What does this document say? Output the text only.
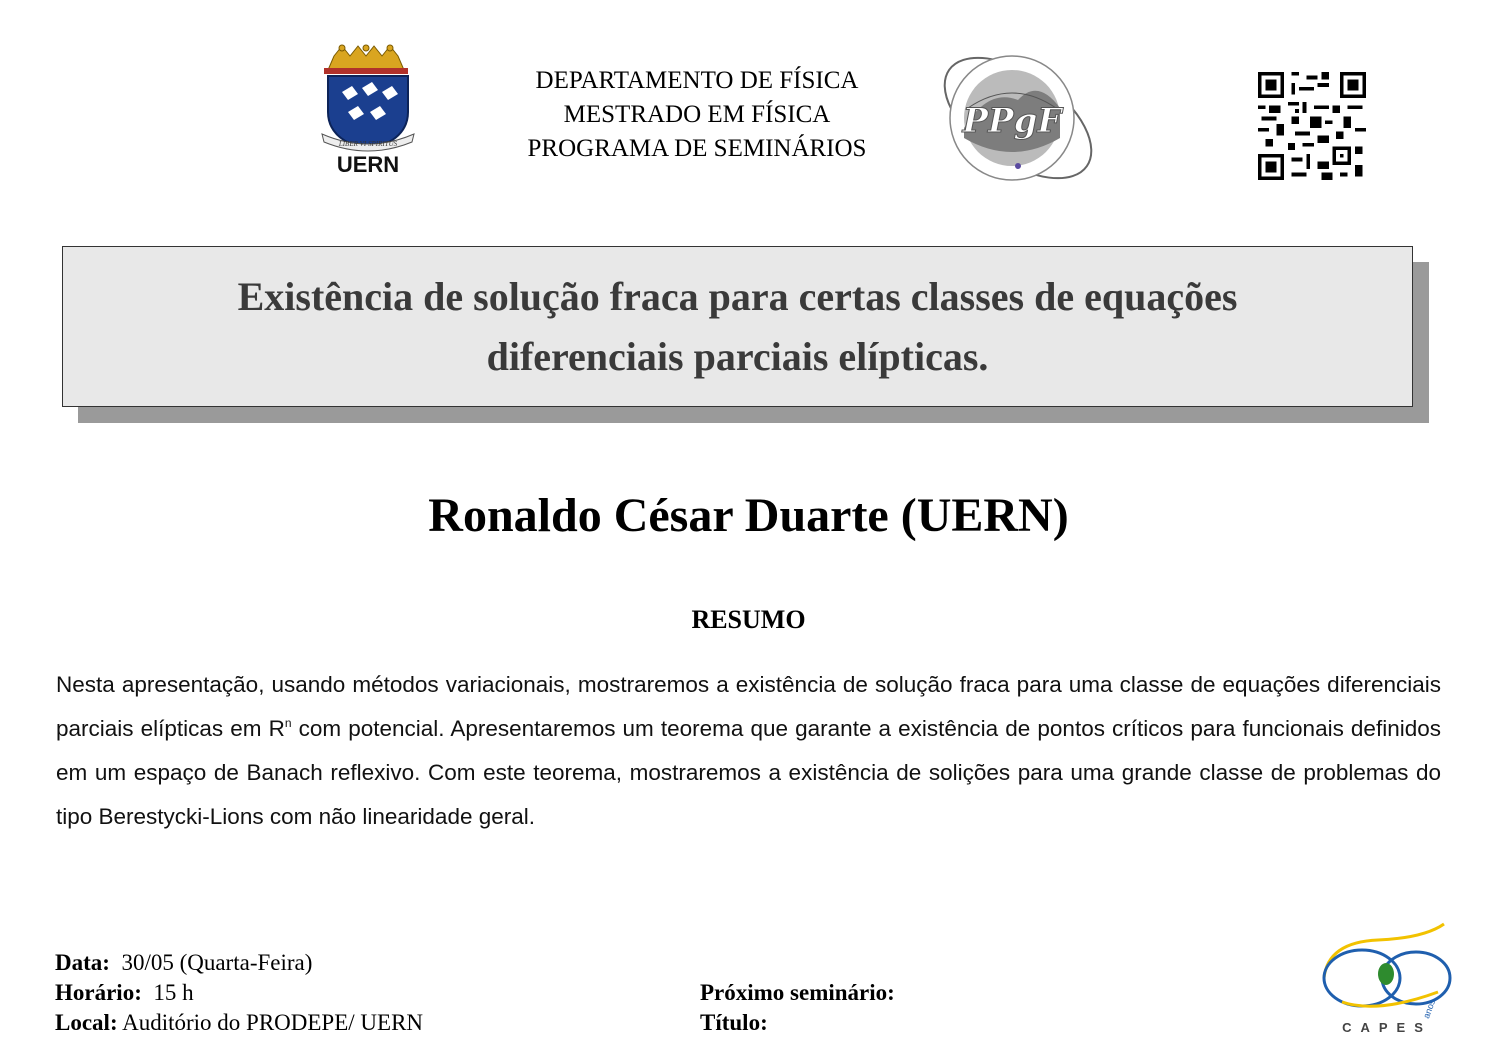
LIBER VI SPIRITUS
UERN
DEPARTAMENTO DE FÍSICA
MESTRADO EM FÍSICA
PROGRAMA DE SEMINÁRIOS
PPgF
Existência de solução fraca para certas classes de equações
diferenciais parciais elípticas.
Ronaldo César Duarte (UERN)
RESUMO
Nesta apresentação, usando métodos variacionais, mostraremos a existência de solução fraca para uma classe de equações diferenciais parciais elípticas em $R^n$ com potencial. Apresentaremos um teorema que garante a existência de pontos críticos para funcionais definidos em um espaço de Banach reflexivo. Com este teorema, mostraremos a existência de solições para uma grande classe de problemas do tipo Berestycki-Lions com não linearidade geral.
Data: 30/05 (Quarta-Feira)
Horário: 15 h
Local: Auditório do PRODEPE/ UERN
Próximo seminário:
Título:
anos
CAPES
